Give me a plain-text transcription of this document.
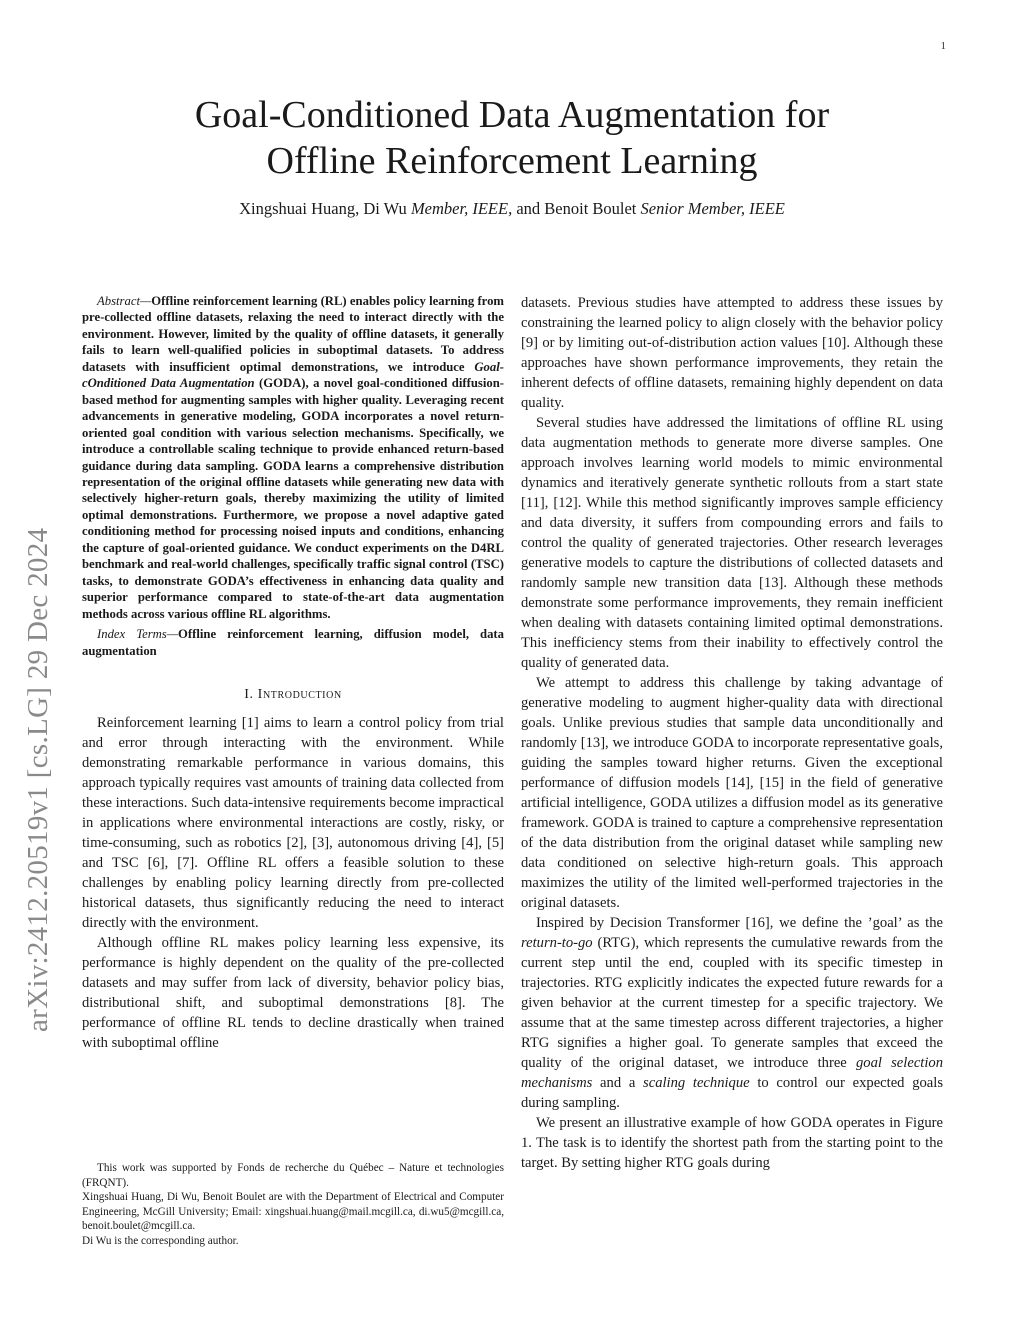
1
arXiv:2412.20519v1 [cs.LG] 29 Dec 2024
Goal-Conditioned Data Augmentation for
Offline Reinforcement Learning
Xingshuai Huang, Di Wu Member, IEEE, and Benoit Boulet Senior Member, IEEE

Abstract—Offline reinforcement learning (RL) enables policy learning from pre-collected offline datasets, relaxing the need to interact directly with the environment. However, limited by the quality of offline datasets, it generally fails to learn well-qualified policies in suboptimal datasets. To address datasets with insufficient optimal demonstrations, we introduce Goal-cOnditioned Data Augmentation (GODA), a novel goal-conditioned diffusion-based method for augmenting samples with higher quality. Leveraging recent advancements in generative modeling, GODA incorporates a novel return-oriented goal condition with various selection mechanisms. Specifically, we introduce a controllable scaling technique to provide enhanced return-based guidance during data sampling. GODA learns a comprehensive distribution representation of the original offline datasets while generating new data with selectively higher-return goals, thereby maximizing the utility of limited optimal demonstrations. Furthermore, we propose a novel adaptive gated conditioning method for processing noised inputs and conditions, enhancing the capture of goal-oriented guidance. We conduct experiments on the D4RL benchmark and real-world challenges, specifically traffic signal control (TSC) tasks, to demonstrate GODA’s effectiveness in enhancing data quality and superior performance compared to state-of-the-art data augmentation methods across various offline RL algorithms.

Index Terms—Offline reinforcement learning, diffusion model, data augmentation

I. Introduction

Reinforcement learning [1] aims to learn a control policy from trial and error through interacting with the environment. While demonstrating remarkable performance in various domains, this approach typically requires vast amounts of training data collected from these interactions. Such data-intensive requirements become impractical in applications where environmental interactions are costly, risky, or time-consuming, such as robotics [2], [3], autonomous driving [4], [5] and TSC [6], [7]. Offline RL offers a feasible solution to these challenges by enabling policy learning directly from pre-collected historical datasets, thus significantly reducing the need to interact directly with the environment.

Although offline RL makes policy learning less expensive, its performance is highly dependent on the quality of the pre-collected datasets and may suffer from lack of diversity, behavior policy bias, distributional shift, and suboptimal demonstrations [8]. The performance of offline RL tends to decline drastically when trained with suboptimal offline

This work was supported by Fonds de recherche du Québec – Nature et technologies (FRQNT).

Xingshuai Huang, Di Wu, Benoit Boulet are with the Department of Electrical and Computer Engineering, McGill University; Email: xingshuai.huang@mail.mcgill.ca, di.wu5@mcgill.ca, benoit.boulet@mcgill.ca.

Di Wu is the corresponding author.

datasets. Previous studies have attempted to address these issues by constraining the learned policy to align closely with the behavior policy [9] or by limiting out-of-distribution action values [10]. Although these approaches have shown performance improvements, they retain the inherent defects of offline datasets, remaining highly dependent on data quality.

Several studies have addressed the limitations of offline RL using data augmentation methods to generate more diverse samples. One approach involves learning world models to mimic environmental dynamics and iteratively generate synthetic rollouts from a start state [11], [12]. While this method significantly improves sample efficiency and data diversity, it suffers from compounding errors and fails to control the quality of generated trajectories. Other research leverages generative models to capture the distributions of collected datasets and randomly sample new transition data [13]. Although these methods demonstrate some performance improvements, they remain inefficient when dealing with datasets containing limited optimal demonstrations. This inefficiency stems from their inability to effectively control the quality of generated data.

We attempt to address this challenge by taking advantage of generative modeling to augment higher-quality data with directional goals. Unlike previous studies that sample data unconditionally and randomly [13], we introduce GODA to incorporate representative goals, guiding the samples toward higher returns. Given the exceptional performance of diffusion models [14], [15] in the field of generative artificial intelligence, GODA utilizes a diffusion model as its generative framework. GODA is trained to capture a comprehensive representation of the data distribution from the original dataset while sampling new data conditioned on selective high-return goals. This approach maximizes the utility of the limited well-performed trajectories in the original datasets.

Inspired by Decision Transformer [16], we define the ’goal’ as the return-to-go (RTG), which represents the cumulative rewards from the current step until the end, coupled with its specific timestep in trajectories. RTG explicitly indicates the expected future rewards for a given behavior at the current timestep for a specific trajectory. We assume that at the same timestep across different trajectories, a higher RTG signifies a higher goal. To generate samples that exceed the quality of the original dataset, we introduce three goal selection mechanisms and a scaling technique to control our expected goals during sampling.

We present an illustrative example of how GODA operates in Figure 1. The task is to identify the shortest path from the starting point to the target. By setting higher RTG goals during
